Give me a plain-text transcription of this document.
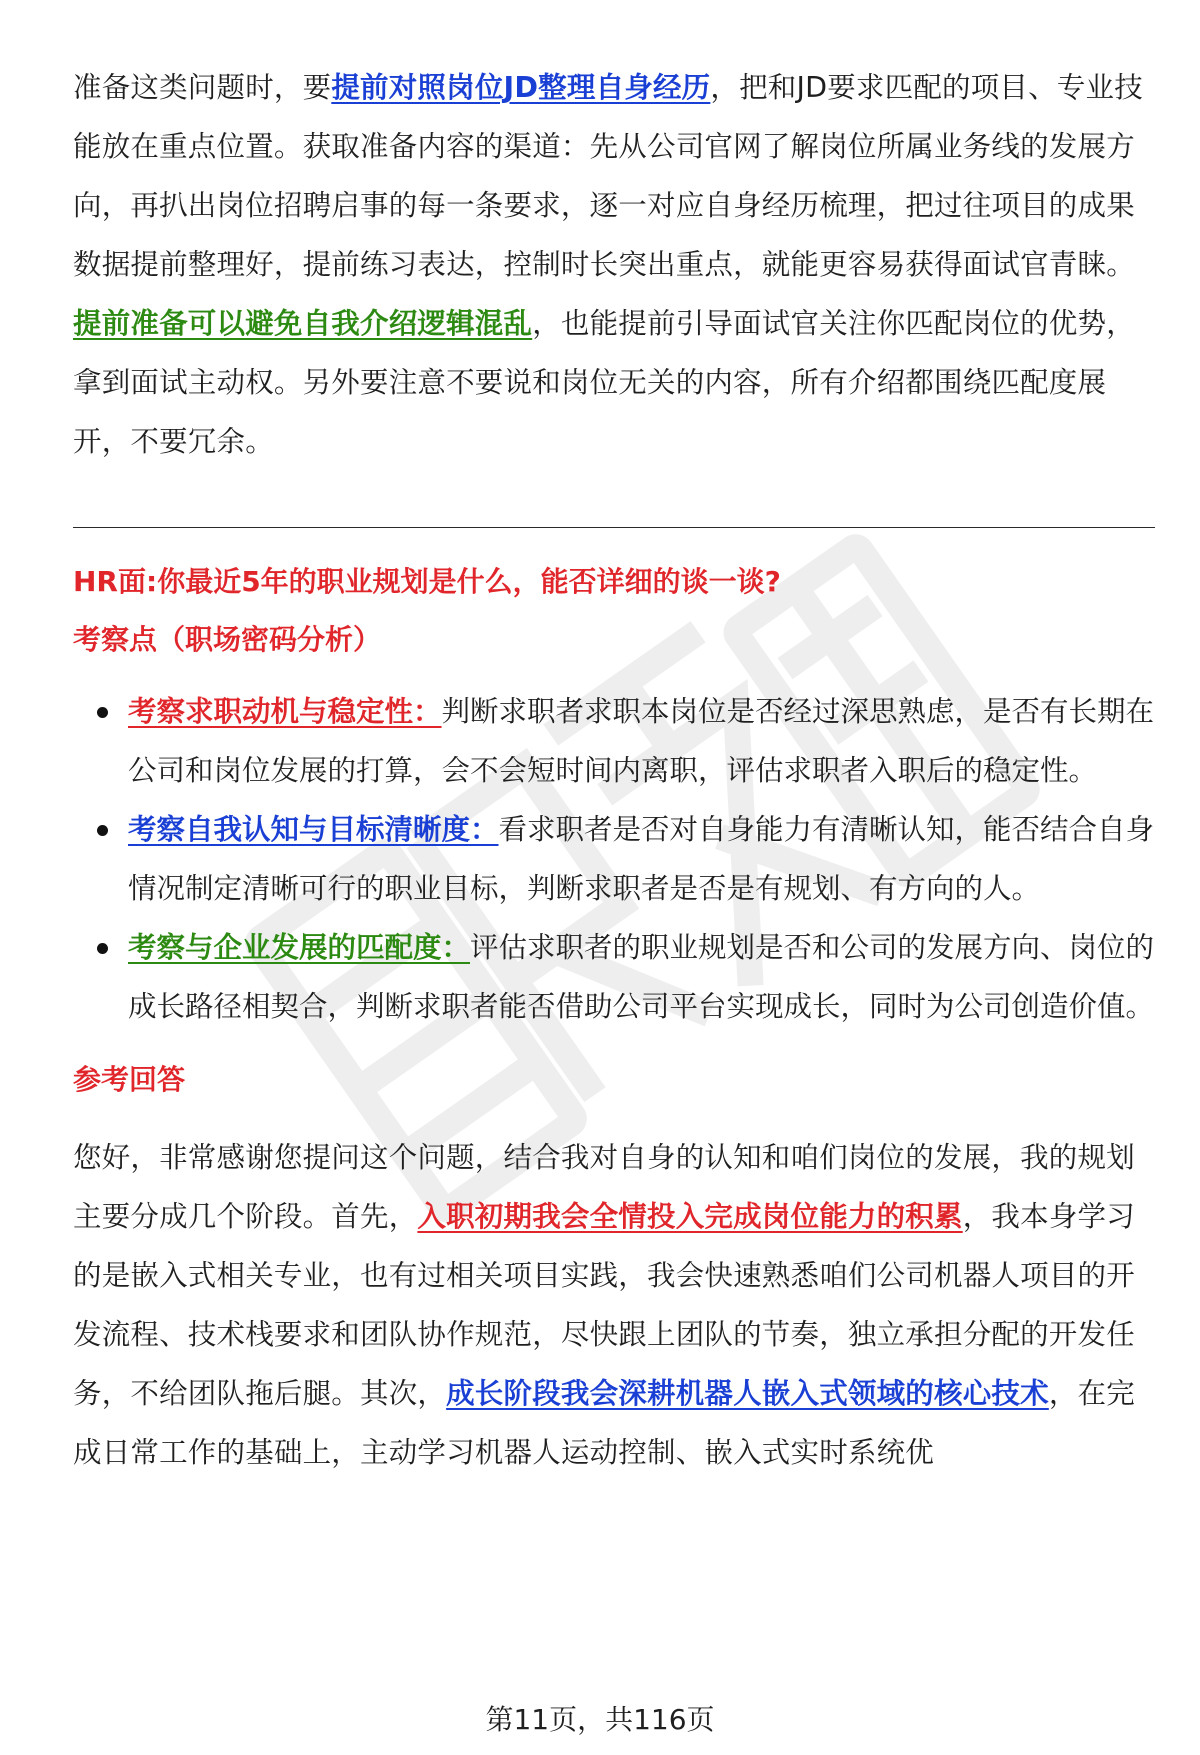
准备这类问题时，要提前对照岗位JD整理自身经历，把和JD要求匹配的项目、专业技能放在重点位置。获取准备内容的渠道：先从公司官网了解岗位所属业务线的发展方向，再扒出岗位招聘启事的每一条要求，逐一对应自身经历梳理，把过往项目的成果数据提前整理好，提前练习表达，控制时长突出重点，就能更容易获得面试官青睐。

提前准备可以避免自我介绍逻辑混乱，也能提前引导面试官关注你匹配岗位的优势，拿到面试主动权。另外要注意不要说和岗位无关的内容，所有介绍都围绕匹配度展开，不要冗余。

HR面:你最近5年的职业规划是什么，能否详细的谈一谈?
考察点（职场密码分析）
考察求职动机与稳定性：判断求职者求职本岗位是否经过深思熟虑，是否有长期在公司和岗位发展的打算，会不会短时间内离职，评估求职者入职后的稳定性。
考察自我认知与目标清晰度：看求职者是否对自身能力有清晰认知，能否结合自身情况制定清晰可行的职业目标，判断求职者是否是有规划、有方向的人。
考察与企业发展的匹配度：评估求职者的职业规划是否和公司的发展方向、岗位的成长路径相契合，判断求职者能否借助公司平台实现成长，同时为公司创造价值。
参考回答

您好，非常感谢您提问这个问题，结合我对自身的认知和咱们岗位的发展，我的规划主要分成几个阶段。首先，入职初期我会全情投入完成岗位能力的积累，我本身学习的是嵌入式相关专业，也有过相关项目实践，我会快速熟悉咱们公司机器人项目的开发流程、技术栈要求和团队协作规范，尽快跟上团队的节奏，独立承担分配的开发任务，不给团队拖后腿。其次，成长阶段我会深耕机器人嵌入式领域的核心技术，在完成日常工作的基础上，主动学习机器人运动控制、嵌入式实时系统优

第11页，共116页
